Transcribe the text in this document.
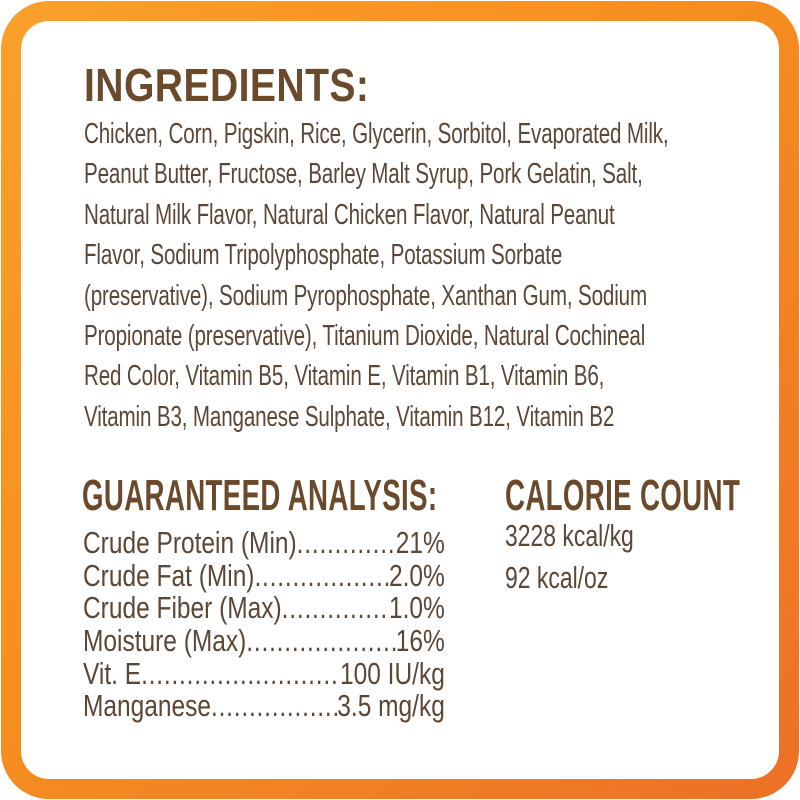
INGREDIENTS:
Chicken, Corn, Pigskin, Rice, Glycerin, Sorbitol, Evaporated Milk,
Peanut Butter, Fructose, Barley Malt Syrup, Pork Gelatin, Salt,
Natural Milk Flavor, Natural Chicken Flavor, Natural Peanut
Flavor, Sodium Tripolyphosphate, Potassium Sorbate
(preservative), Sodium Pyrophosphate, Xanthan Gum, Sodium
Propionate (preservative), Titanium Dioxide, Natural Cochineal
Red Color, Vitamin B5, Vitamin E, Vitamin B1, Vitamin B6,
Vitamin B3, Manganese Sulphate, Vitamin B12, Vitamin B2
GUARANTEED ANALYSIS:
Crude Protein (Min) .....	21%
Crude Fat (Min) .....	2.0%
Crude Fiber (Max) .....	1.0%
Moisture (Max) .....	16%
Vit. E .....	100 IU/kg
Manganese .....	3.5 mg/kg
CALORIE COUNT
3228 kcal/kg
92 kcal/oz
